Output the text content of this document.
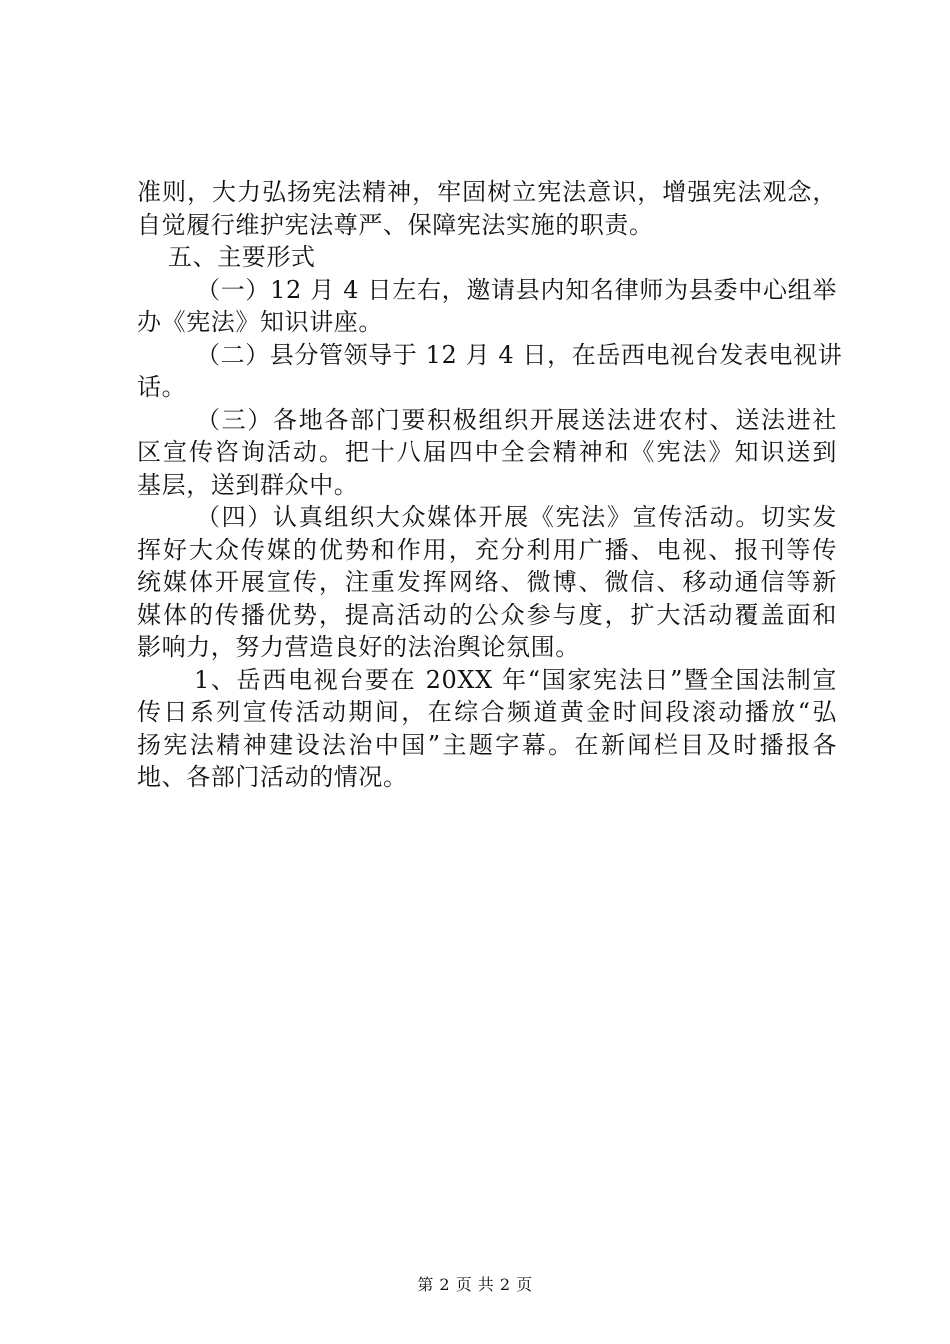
准则，大力弘扬宪法精神，牢固树立宪法意识，增强宪法观念，
自觉履行维护宪法尊严、保障宪法实施的职责。
五、主要形式
（一）12 月 4 日左右，邀请县内知名律师为县委中心组举
办《宪法》知识讲座。
（二）县分管领导于 12 月 4 日，在岳西电视台发表电视讲
话。
（三）各地各部门要积极组织开展送法进农村、送法进社
区宣传咨询活动。把十八届四中全会精神和《宪法》知识送到
基层，送到群众中。
（四）认真组织大众媒体开展《宪法》宣传活动。切实发
挥好大众传媒的优势和作用，充分利用广播、电视、报刊等传
统媒体开展宣传，注重发挥网络、微博、微信、移动通信等新
媒体的传播优势，提高活动的公众参与度，扩大活动覆盖面和
影响力，努力营造良好的法治舆论氛围。
1、岳西电视台要在 20XX 年“国家宪法日”暨全国法制宣
传日系列宣传活动期间，在综合频道黄金时间段滚动播放“弘
扬宪法精神建设法治中国”主题字幕。在新闻栏目及时播报各
地、各部门活动的情况。
第 2 页 共 2 页
